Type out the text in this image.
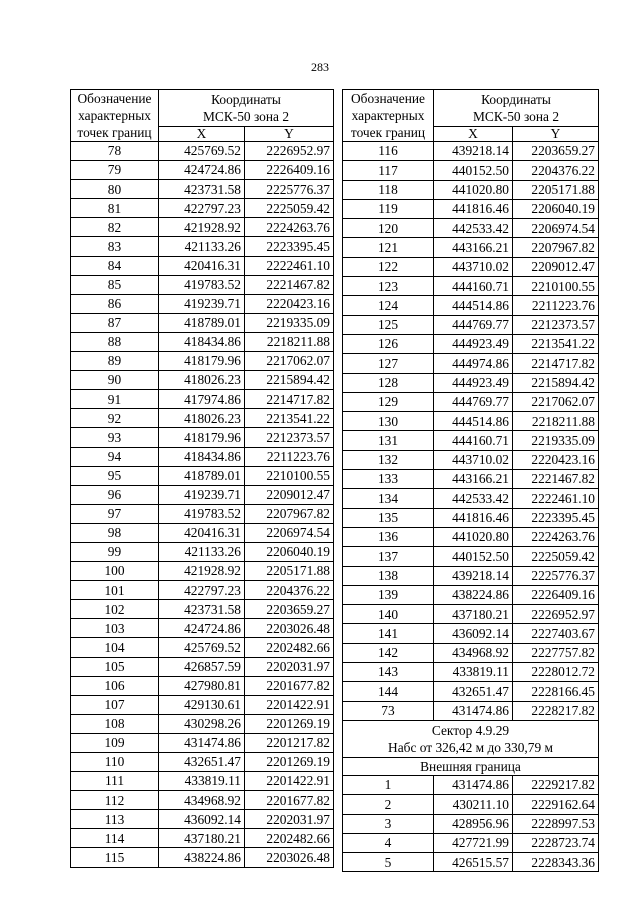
283
Обозначение
характерных
точек границ	Координаты
МСК-50 зона 2	
	X	Y
78	425769.52	2226952.97
79	424724.86	2226409.16
80	423731.58	2225776.37
81	422797.23	2225059.42
82	421928.92	2224263.76
83	421133.26	2223395.45
84	420416.31	2222461.10
85	419783.52	2221467.82
86	419239.71	2220423.16
87	418789.01	2219335.09
88	418434.86	2218211.88
89	418179.96	2217062.07
90	418026.23	2215894.42
91	417974.86	2214717.82
92	418026.23	2213541.22
93	418179.96	2212373.57
94	418434.86	2211223.76
95	418789.01	2210100.55
96	419239.71	2209012.47
97	419783.52	2207967.82
98	420416.31	2206974.54
99	421133.26	2206040.19
100	421928.92	2205171.88
101	422797.23	2204376.22
102	423731.58	2203659.27
103	424724.86	2203026.48
104	425769.52	2202482.66
105	426857.59	2202031.97
106	427980.81	2201677.82
107	429130.61	2201422.91
108	430298.26	2201269.19
109	431474.86	2201217.82
110	432651.47	2201269.19
111	433819.11	2201422.91
112	434968.92	2201677.82
113	436092.14	2202031.97
114	437180.21	2202482.66
115	438224.86	2203026.48
Обозначение
характерных
точек границ	Координаты
МСК-50 зона 2	
	X	Y
116	439218.14	2203659.27
117	440152.50	2204376.22
118	441020.80	2205171.88
119	441816.46	2206040.19
120	442533.42	2206974.54
121	443166.21	2207967.82
122	443710.02	2209012.47
123	444160.71	2210100.55
124	444514.86	2211223.76
125	444769.77	2212373.57
126	444923.49	2213541.22
127	444974.86	2214717.82
128	444923.49	2215894.42
129	444769.77	2217062.07
130	444514.86	2218211.88
131	444160.71	2219335.09
132	443710.02	2220423.16
133	443166.21	2221467.82
134	442533.42	2222461.10
135	441816.46	2223395.45
136	441020.80	2224263.76
137	440152.50	2225059.42
138	439218.14	2225776.37
139	438224.86	2226409.16
140	437180.21	2226952.97
141	436092.14	2227403.67
142	434968.92	2227757.82
143	433819.11	2228012.72
144	432651.47	2228166.45
73	431474.86	2228217.82
Сектор 4.9.29
Набс от 326,42 м до 330,79 м		
Внешняя граница		
1	431474.86	2229217.82
2	430211.10	2229162.64
3	428956.96	2228997.53
4	427721.99	2228723.74
5	426515.57	2228343.36
